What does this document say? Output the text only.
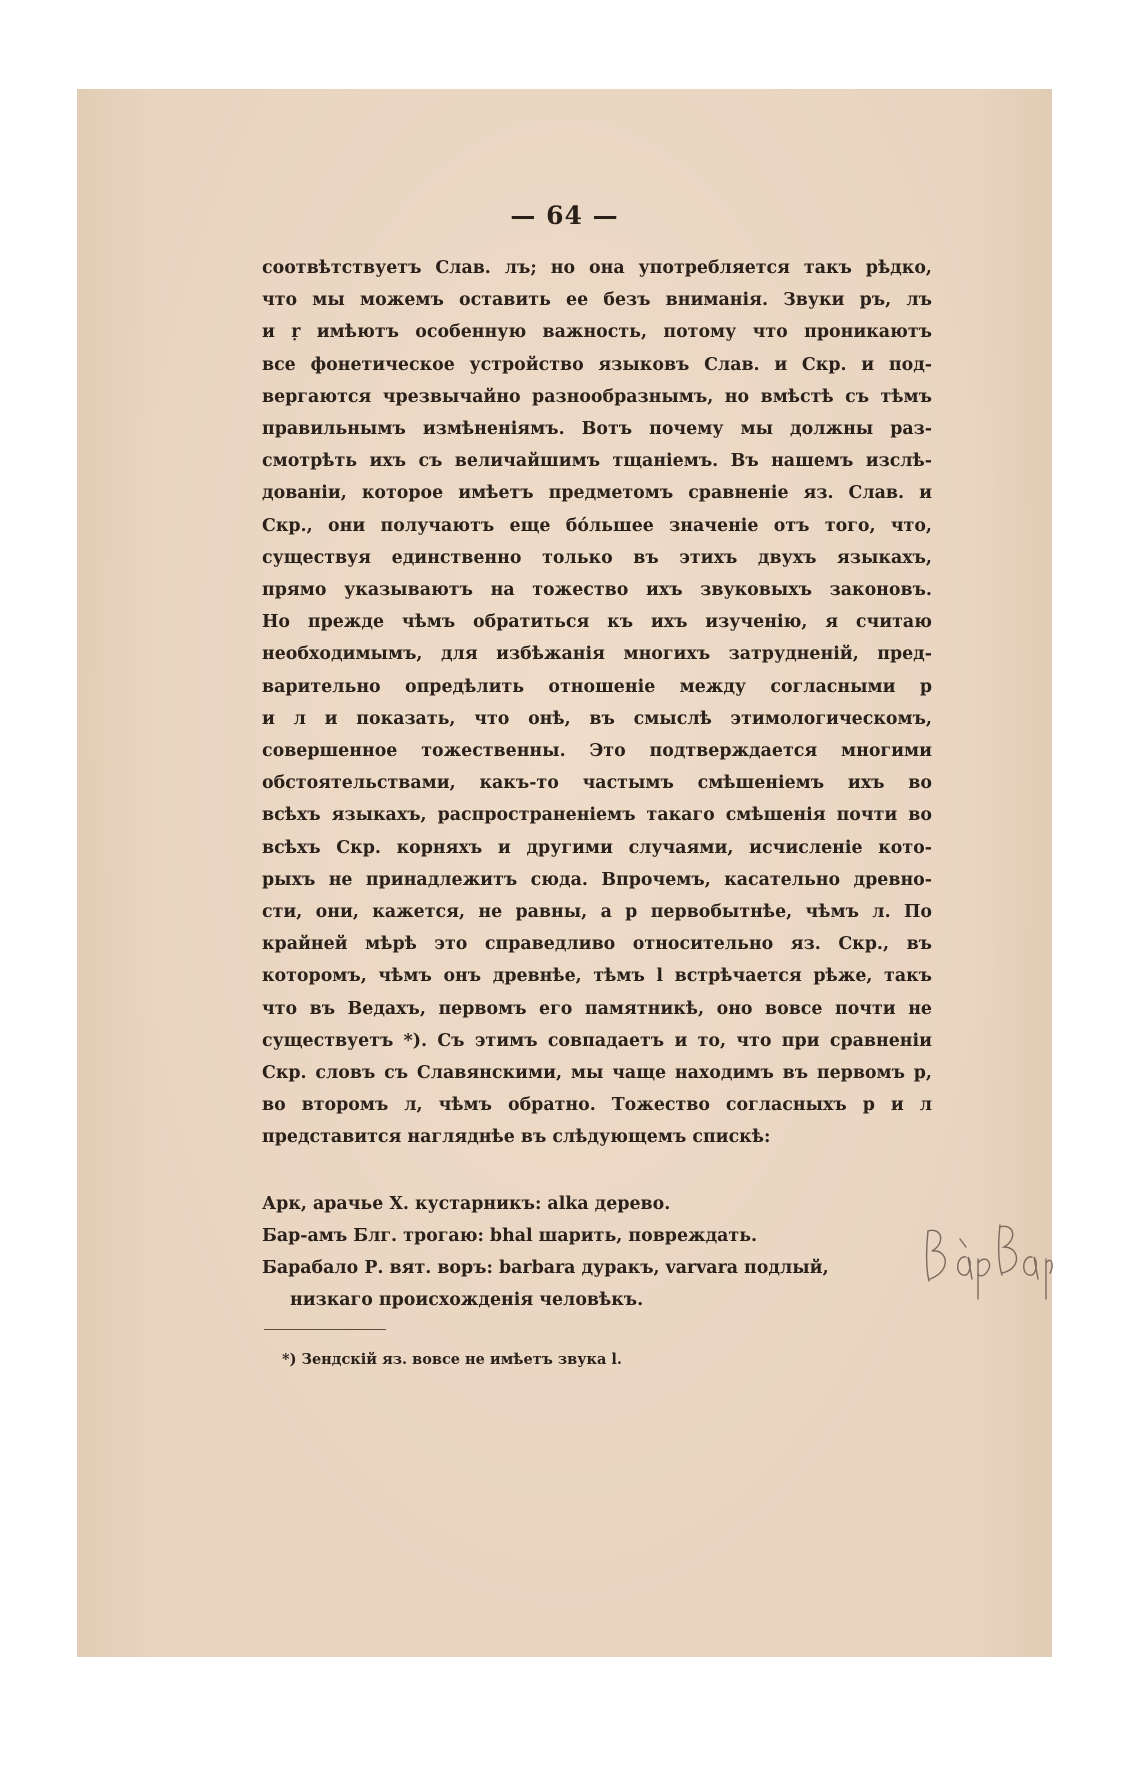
— 64 —
соотвѣтствуетъ Слав. лъ; но она употребляется такъ рѣдко,
что мы можемъ оставить ее безъ вниманія. Звуки ръ, лъ
и ṛ имѣютъ особенную важность, потому что проникаютъ
все фонетическое устройство языковъ Слав. и Скр. и под-
вергаются чрезвычайно разнообразнымъ, но вмѣстѣ съ тѣмъ
правильнымъ измѣненіямъ. Вотъ почему мы должны раз-
смотрѣть ихъ съ величайшимъ тщаніемъ. Въ нашемъ изслѣ-
дованіи, которое имѣетъ предметомъ сравненіе яз. Слав. и
Скр., они получаютъ еще бóльшее значеніе отъ того, что,
существуя единственно только въ этихъ двухъ языкахъ,
прямо указываютъ на тожество ихъ звуковыхъ законовъ.
Но прежде чѣмъ обратиться къ ихъ изученію, я считаю
необходимымъ, для избѣжанія многихъ затрудненій, пред-
варительно опредѣлить отношеніе между согласными р
и л и показать, что онѣ, въ смыслѣ этимологическомъ,
совершенное тожественны. Это подтверждается многими
обстоятельствами, какъ-то частымъ смѣшеніемъ ихъ во
всѣхъ языкахъ, распространеніемъ такаго смѣшенія почти во
всѣхъ Скр. корняхъ и другими случаями, исчисленіе кото-
рыхъ не принадлежитъ сюда. Впрочемъ, касательно древно-
сти, они, кажется, не равны, а р первобытнѣе, чѣмъ л. По
крайней мѣрѣ это справедливо относительно яз. Скр., въ
которомъ, чѣмъ онъ древнѣе, тѣмъ l встрѣчается рѣже, такъ
что въ Ведахъ, первомъ его памятникѣ, оно вовсе почти не
существуетъ *). Съ этимъ совпадаетъ и то, что при сравненіи
Скр. словъ съ Славянскими, мы чаще находимъ въ первомъ р,
во второмъ л, чѣмъ обратно. Тожество согласныхъ р и л
представится нагляднѣе въ слѣдующемъ спискѣ:
Арк, арачье Х. кустарникъ: alka дерево.
Бар-амъ Блг. трогаю: bhal шарить, повреждать.
Барабало Р. вят. воръ: barbara дуракъ, varvara подлый,
низкаго происхожденія человѣкъ.
*) Зендскій яз. вовсе не имѣетъ звука l.
